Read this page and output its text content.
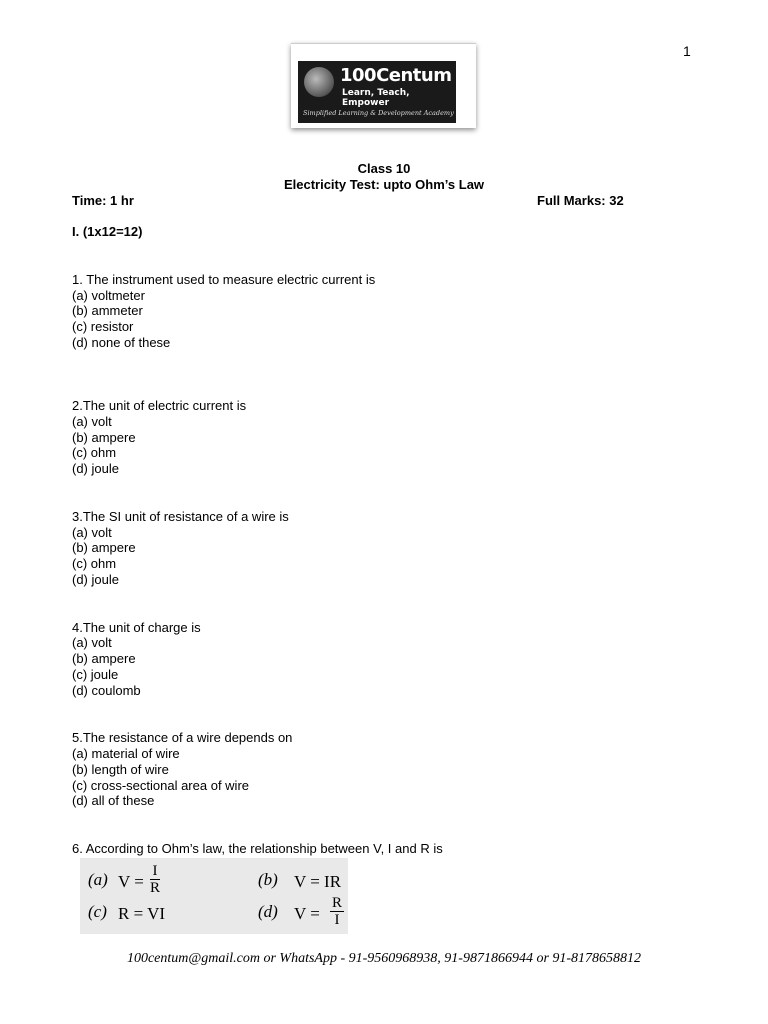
1
100Centum
Learn, Teach, Empower
Simplified Learning & Development Academy
Class 10
Electricity Test: upto Ohm’s Law
Time: 1 hr	Full Marks: 32
I. (1x12=12)
1. The instrument used to measure electric current is
(a) voltmeter
(b) ammeter
(c) resistor
(d) none of these
2.The unit of electric current is
(a) volt
(b) ampere
(c) ohm
(d) joule
3.The SI unit of resistance of a wire is
(a) volt
(b) ampere
(c) ohm
(d) joule
4.The unit of charge is
(a) volt
(b) ampere
(c) joule
(d) coulomb
5.The resistance of a wire depends on
(a) material of wire
(b) length of wire
(c) cross-sectional area of wire
(d) all of these
6. According to Ohm’s law, the relationship between V, I and R is
(a) $V = \frac{I}{R}$	(b) V = IR
(c) R = VI	(d) $V = \frac{R}{I}$
100centum@gmail.com or WhatsApp - 91-9560968938, 91-9871866944 or 91-8178658812
